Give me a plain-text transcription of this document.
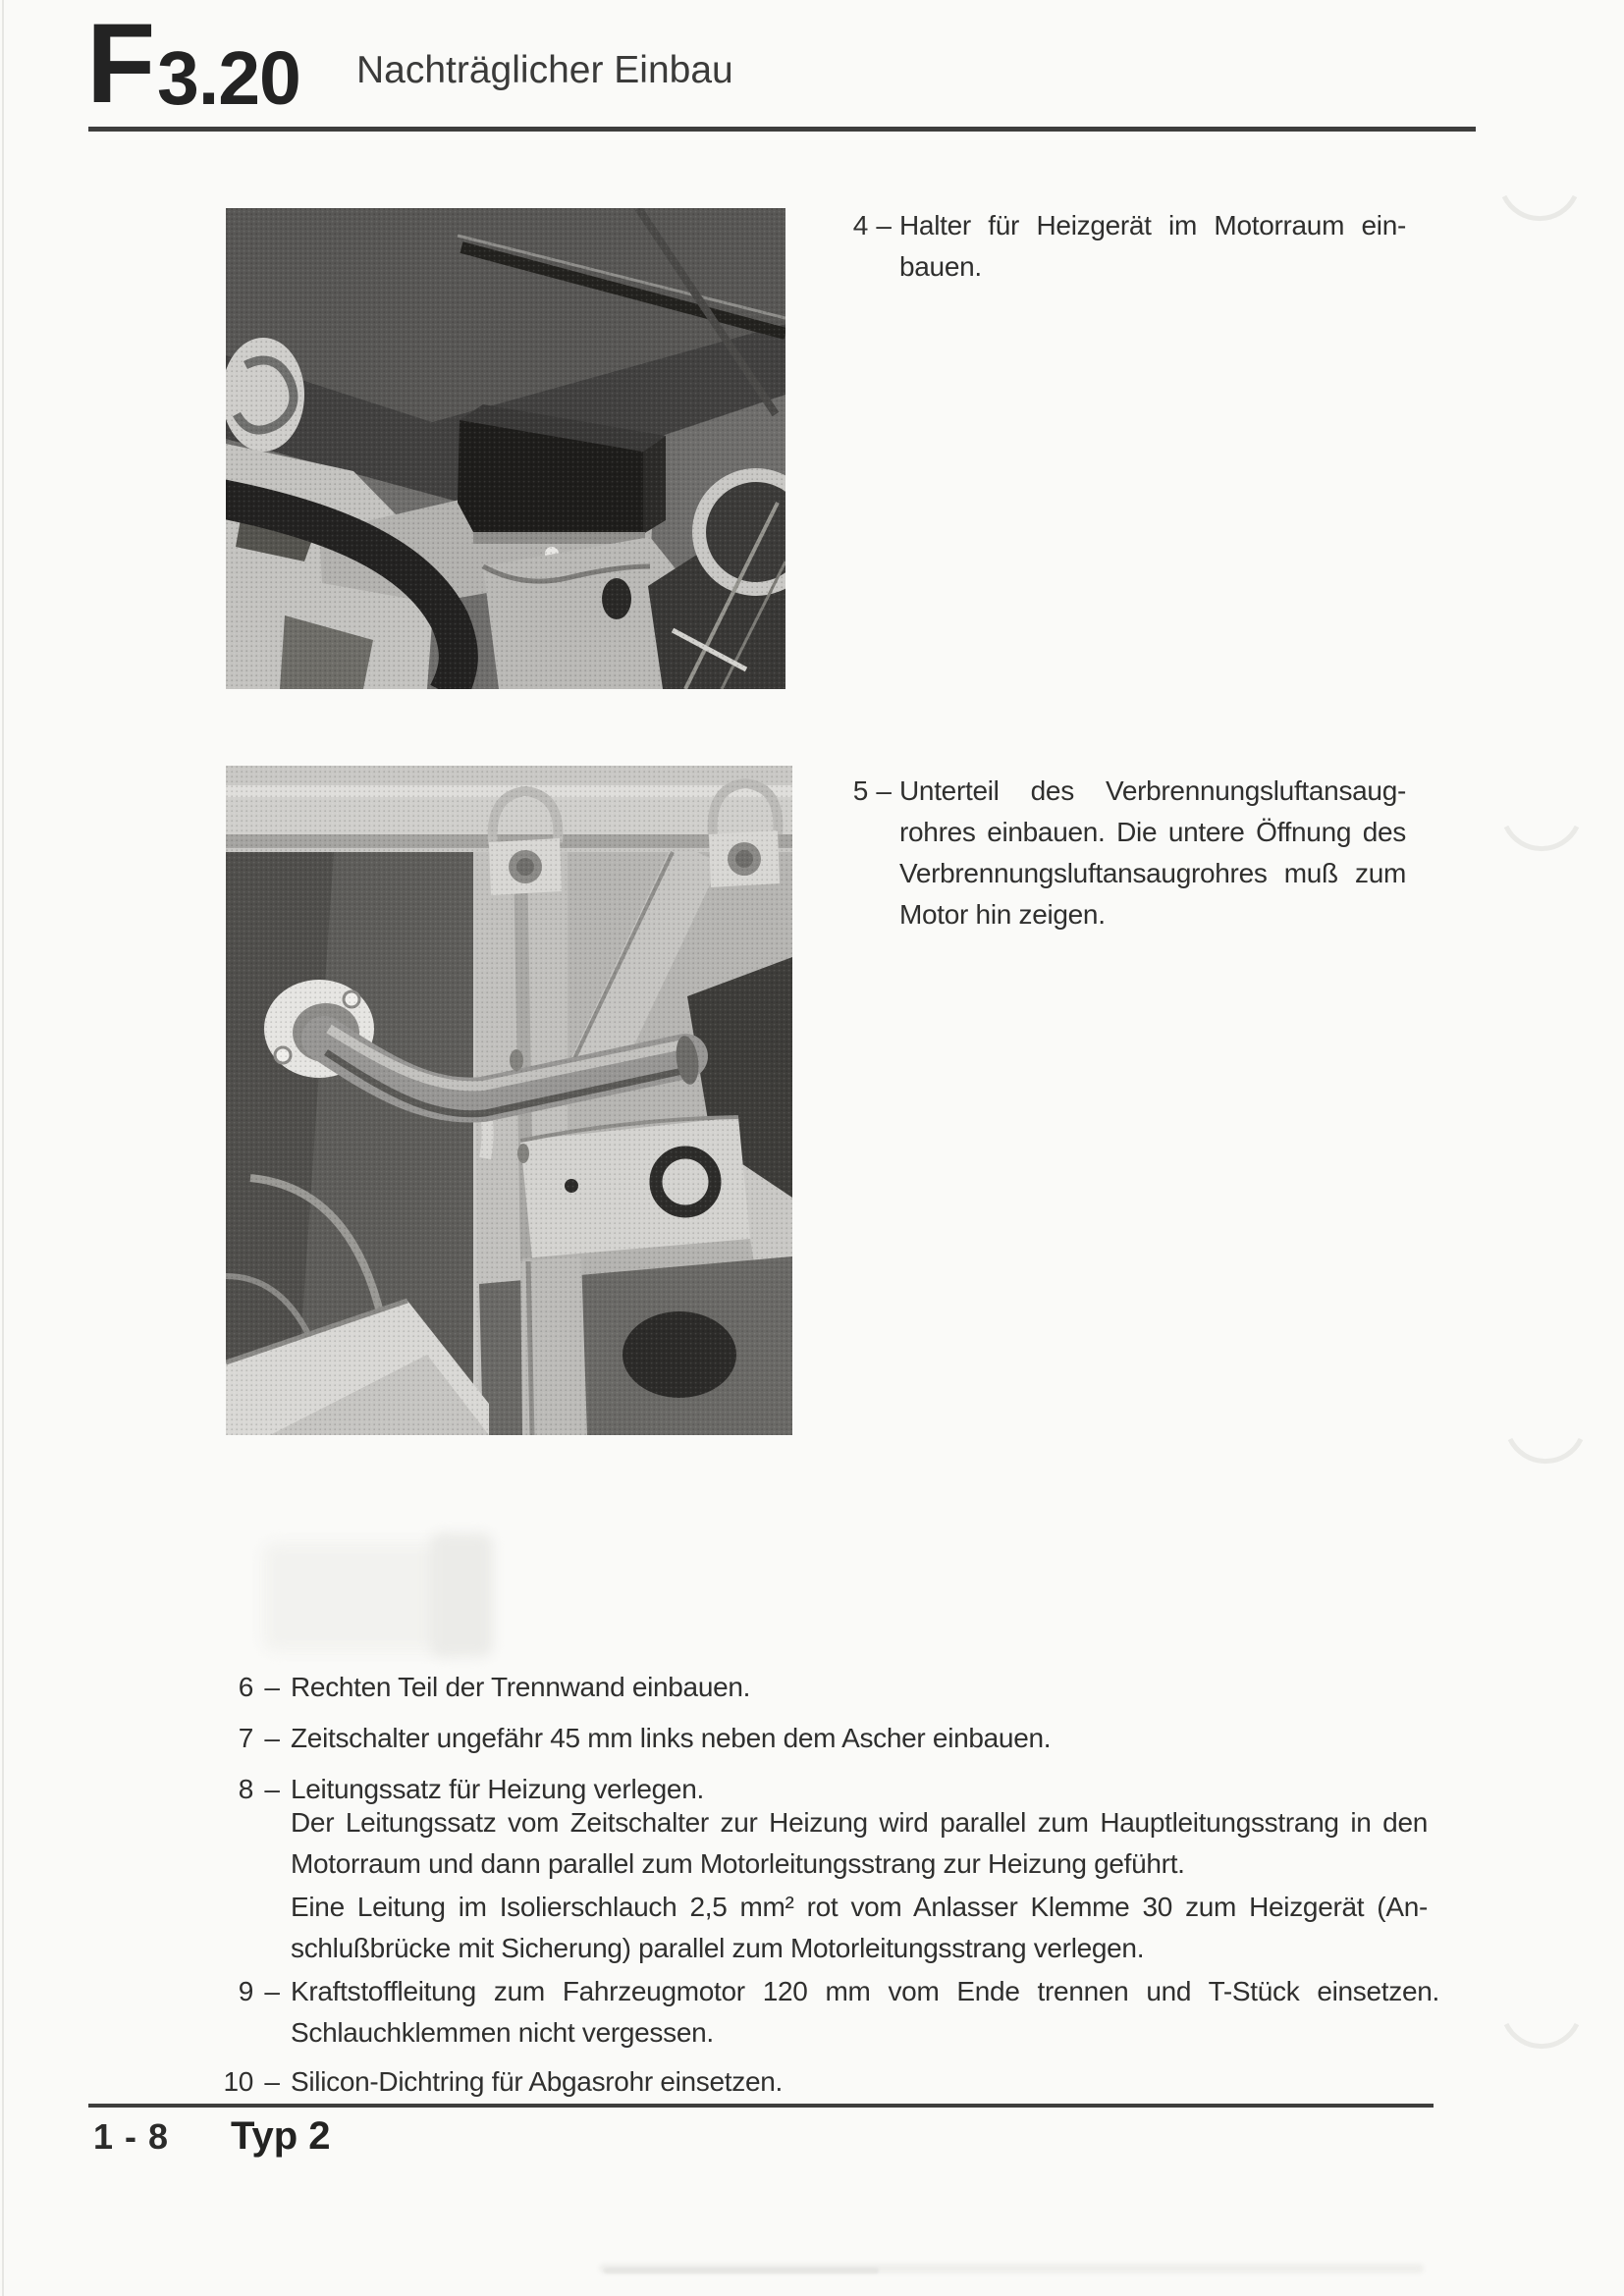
F 3.20 Nachträglicher Einbau
4 – Halter für Heizgerät im Motorraum ein-
bauen.
5 – Unterteil des Verbrennungsluftansaug-
rohres einbauen. Die untere Öffnung des
Verbrennungsluftansaugrohres muß zum
Motor hin zeigen.
6 – Rechten Teil der Trennwand einbauen.
7 – Zeitschalter ungefähr 45 mm links neben dem Ascher einbauen.
8 – Leitungssatz für Heizung verlegen.
Der Leitungssatz vom Zeitschalter zur Heizung wird parallel zum Hauptleitungsstrang in den
Motorraum und dann parallel zum Motorleitungsstrang zur Heizung geführt.
Eine Leitung im Isolierschlauch 2,5 mm² rot vom Anlasser Klemme 30 zum Heizgerät (An-
schlußbrücke mit Sicherung) parallel zum Motorleitungsstrang verlegen.
9 – Kraftstoffleitung zum Fahrzeugmotor 120 mm vom Ende trennen und T-Stück einsetzen.
Schlauchklemmen nicht vergessen.
10 – Silicon-Dichtring für Abgasrohr einsetzen.
1 - 8 Typ 2
